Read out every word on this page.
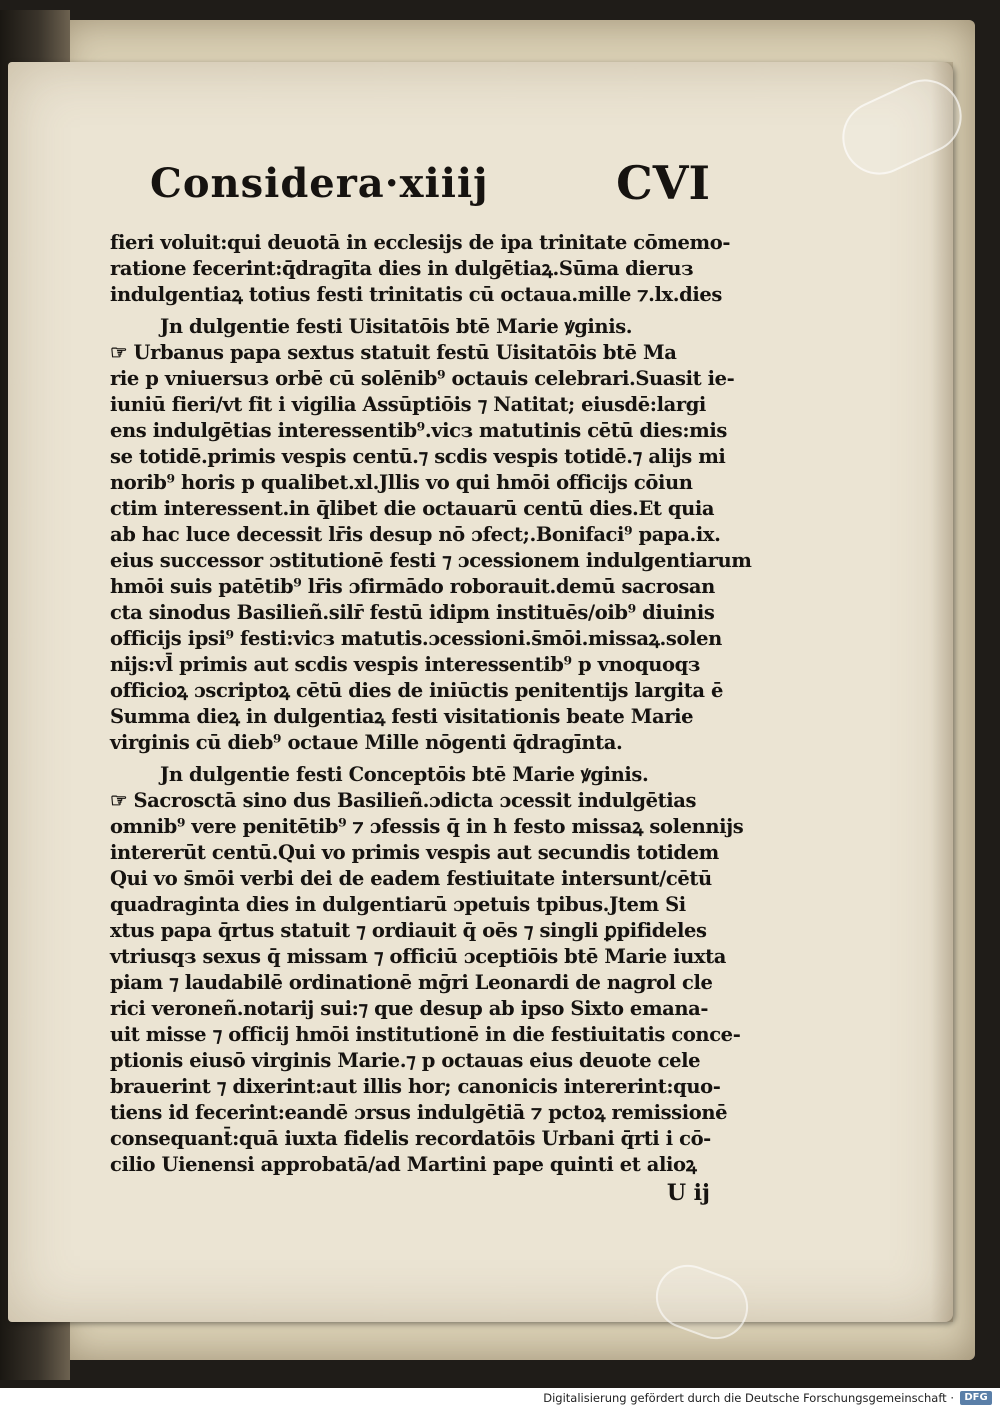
Considera·xiiij	CVI
fieri voluit:qui deuotā in ecclesijs de ipa trinitate cōmemo-
ratione fecerint:q̄dragīta dies in dulgētiaꝝ.Sūma dieruз
indulgentiaꝝ totius festi trinitatis cū octaua.mille ⁊.lx.dies
Jn dulgentie festi Uisitatōis btē Marie ꝟginis.
☞ Urbanus papa sextus statuit festū Uisitatōis btē Ma
rie p vniuersuз orbē cū solēnib⁹ octauis celebrari.Suasit ie-
iuniū fieri/vt fit i vigilia Assūptiōis ⁊ Natitat; eiusdē:largi
ens indulgētias interessentib⁹.vicз matutinis cētū dies:mis
se totidē.primis vespis centū.⁊ scdis vespis totidē.⁊ alijs mi
norib⁹ horis p qualibet.xl.Jllis vo qui hmōi officijs cōiun
ctim interessent.in q̄libet die octauarū centū dies.Et quia
ab hac luce decessit lr̄is desup nō ɔfect;.Bonifaci⁹ papa.ix.
eius successor ɔstitutionē festi ⁊ ɔcessionem indulgentiarum
hmōi suis patētib⁹ lr̄is ɔfirmādo roborauit.demū sacrosan
cta sinodus Basilieñ.silr̄ festū idipm instituēs/oib⁹ diuinis
officijs ipsi⁹ festi:vicз matutis.ɔcessioni.s̄mōi.missaꝝ.solen
nijs:vl̄ primis aut scdis vespis interessentib⁹ p vnoquoqз
officioꝝ ɔscriptoꝝ cētū dies de iniūctis penitentijs largita ē
Summa dieꝝ in dulgentiaꝝ festi visitationis beate Marie
virginis cū dieb⁹ octaue Mille nōgenti q̄dragīnta.
Jn dulgentie festi Conceptōis btē Marie ꝟginis.
☞ Sacrosctā sino dus Basilieñ.ɔdicta ɔcessit indulgētias
omnib⁹ vere penitētib⁹ ⁊ ɔfessis q̄ in h festo missaꝝ solennijs
intererūt centū.Qui vo primis vespis aut secundis totidem
Qui vo s̄mōi verbi dei de eadem festiuitate intersunt/cētū
quadraginta dies in dulgentiarū ɔpetuis tpibus.Jtem Si
xtus papa q̄rtus statuit ⁊ ordiauit q̄ oēs ⁊ singli ꝑpifideles
vtriusqз sexus q̄ missam ⁊ officiū ɔceptiōis btē Marie iuxta
piam ⁊ laudabilē ordinationē mḡri Leonardi de nagrol cle
rici veroneñ.notarij sui:⁊ que desup ab ipso Sixto emana-
uit misse ⁊ officij hmōi institutionē in die festiuitatis conce-
ptionis eiusō virginis Marie.⁊ p octauas eius deuote cele
brauerint ⁊ dixerint:aut illis hor; canonicis intererint:quo-
tiens id fecerint:eandē ɔrsus indulgētiā ⁊ pctoꝝ remissionē
consequant̄:quā iuxta fidelis recordatōis Urbani q̄rti i cō-
cilio Uienensi approbatā/ad Martini pape quinti et alioꝝ
U ij
Digitalisierung gefördert durch die Deutsche Forschungsgemeinschaft ·	DFG
